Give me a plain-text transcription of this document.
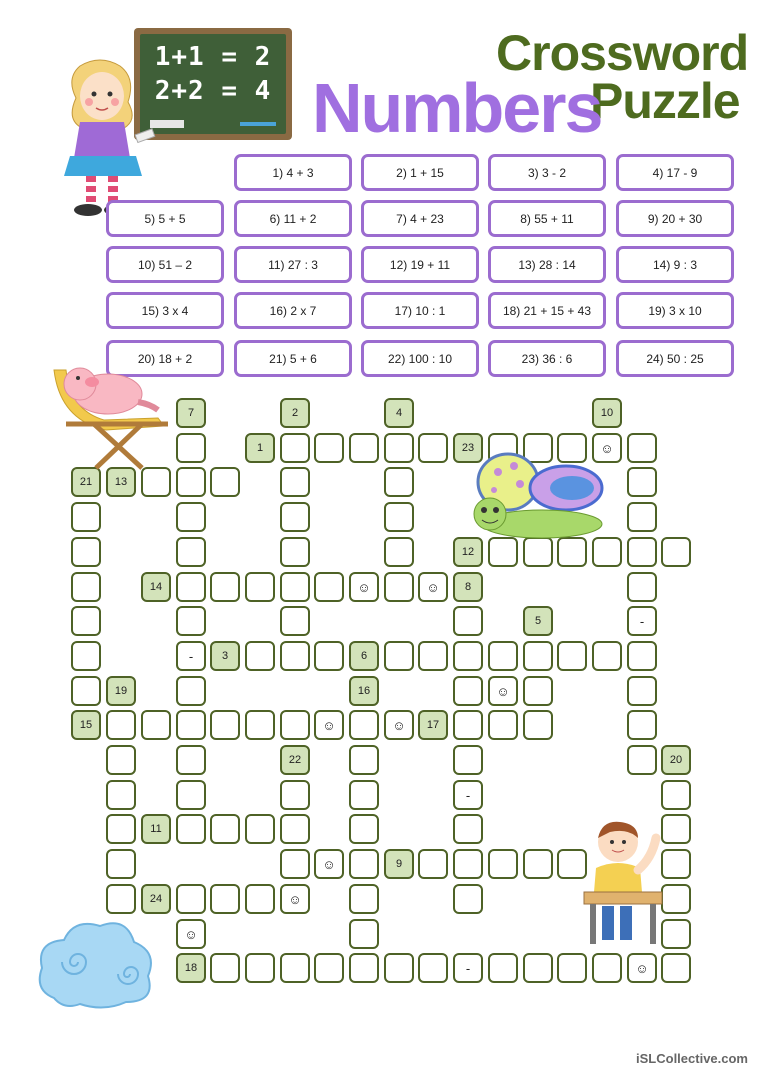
1+1 = 2
2+2 = 4
Crossword
Puzzle
Numbers
1) 4 + 3	2) 1 + 15	3) 3 - 2	4) 17 - 9
5) 5 + 5	6) 11 + 2	7) 4 + 23	8) 55 + 11	9) 20 + 30
10) 51 – 2	11) 27 : 3	12) 19 + 11	13) 28 : 14	14) 9 : 3
15) 3 x 4	16) 2 x 7	17) 10 : 1	18) 21 + 15 + 43	19) 3 x 10
20) 18 + 2	21) 5 + 6	22) 100 : 10	23) 36 : 6	24) 50 : 25
7	2	4	10
1	23	☺
21 13
12
14	☺	☺ 8
5	-
-	3	6
19	16	☺
15	☺	☺ 17
22	20
-
11
☺	9
24	☺
☺
18	-	☺
iSLCollective.com
